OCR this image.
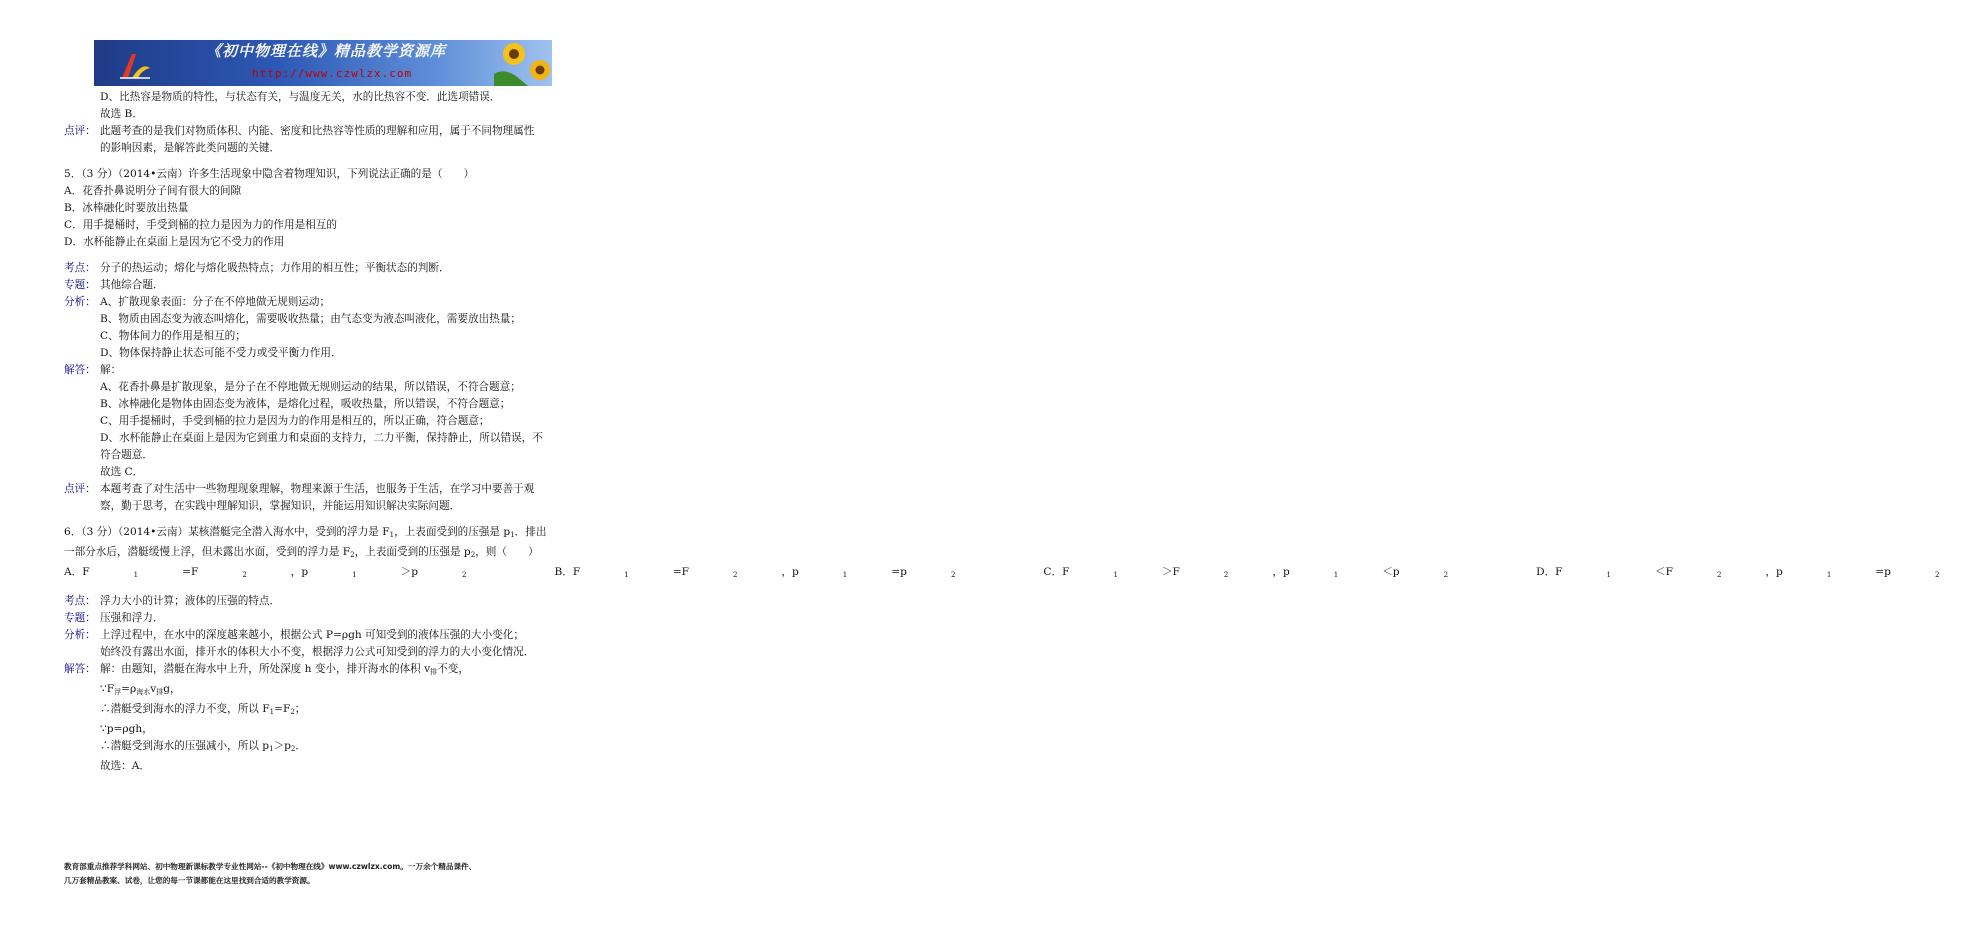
《初中物理在线》精品教学资源库
http://www.czwlzx.com
D、比热容是物质的特性，与状态有关，与温度无关，水的比热容不变．此选项错误．
故选 B．
点评： 此题考查的是我们对物质体积、内能、密度和比热容等性质的理解和应用，属于不同物理属性
的影响因素，是解答此类问题的关键．
5．（3 分）（2014•云南）许多生活现象中隐含着物理知识，下列说法正确的是（　　）
A．花香扑鼻说明分子间有很大的间隙
B．冰棒融化时要放出热量
C．用手提桶时，手受到桶的拉力是因为力的作用是相互的
D．水杯能静止在桌面上是因为它不受力的作用
考点： 分子的热运动；熔化与熔化吸热特点；力作用的相互性；平衡状态的判断．
专题： 其他综合题．
分析： A、扩散现象表面：分子在不停地做无规则运动；
B、物质由固态变为液态叫熔化，需要吸收热量；由气态变为液态叫液化，需要放出热量；
C、物体间力的作用是相互的；
D、物体保持静止状态可能不受力或受平衡力作用．
解答： 解：
A、花香扑鼻是扩散现象，是分子在不停地做无规则运动的结果，所以错误，不符合题意；
B、冰棒融化是物体由固态变为液体，是熔化过程，吸收热量，所以错误，不符合题意；
C、用手提桶时，手受到桶的拉力是因为力的作用是相互的，所以正确，符合题意；
D、水杯能静止在桌面上是因为它到重力和桌面的支持力，二力平衡，保持静止，所以错误，不
符合题意．
故选 C．
点评： 本题考查了对生活中一些物理现象理解，物理来源于生活，也服务于生活，在学习中要善于观
察，勤于思考，在实践中理解知识，掌握知识，并能运用知识解决实际问题．
6．（3 分）（2014•云南）某核潜艇完全潜入海水中，受到的浮力是 $F_1$，上表面受到的压强是 $p_1$．排出
一部分水后，潜艇缓慢上浮，但未露出水面，受到的浮力是 $F_2$，上表面受到的压强是 $p_2$，则（　　）
A．F	$_1$	=F	$_2$	，p	$_1$	＞p	$_2$	B．F	$_1$	=F	$_2$	，p	$_1$	=p	$_2$	C．F	$_1$	＞F	$_2$	，p	$_1$	＜p	$_2$	D．F	$_1$	＜F	$_2$	，p	$_1$	=p	$_2$
考点： 浮力大小的计算；液体的压强的特点．
专题： 压强和浮力．
分析： 上浮过程中，在水中的深度越来越小，根据公式 P=ρgh 可知受到的液体压强的大小变化；
始终没有露出水面，排开水的体积大小不变，根据浮力公式可知受到的浮力的大小变化情况．
解答： 解：由题知，潜艇在海水中上升，所处深度 h 变小，排开海水的体积 $v_排$不变，
$\because F_浮=\rho_{海水}v_排g$，
∴潜艇受到海水的浮力不变，所以 $F_1=F_2$；
∵p=ρgh，
∴潜艇受到海水的压强减小，所以 $p_1>p_2$．
故选：A．
教育部重点推荐学科网站、初中物理新课标教学专业性网站--《初中物理在线》www.czwlzx.com。一万余个精品课件、
几万套精品教案、试卷，让您的每一节课都能在这里找到合适的教学资源。
